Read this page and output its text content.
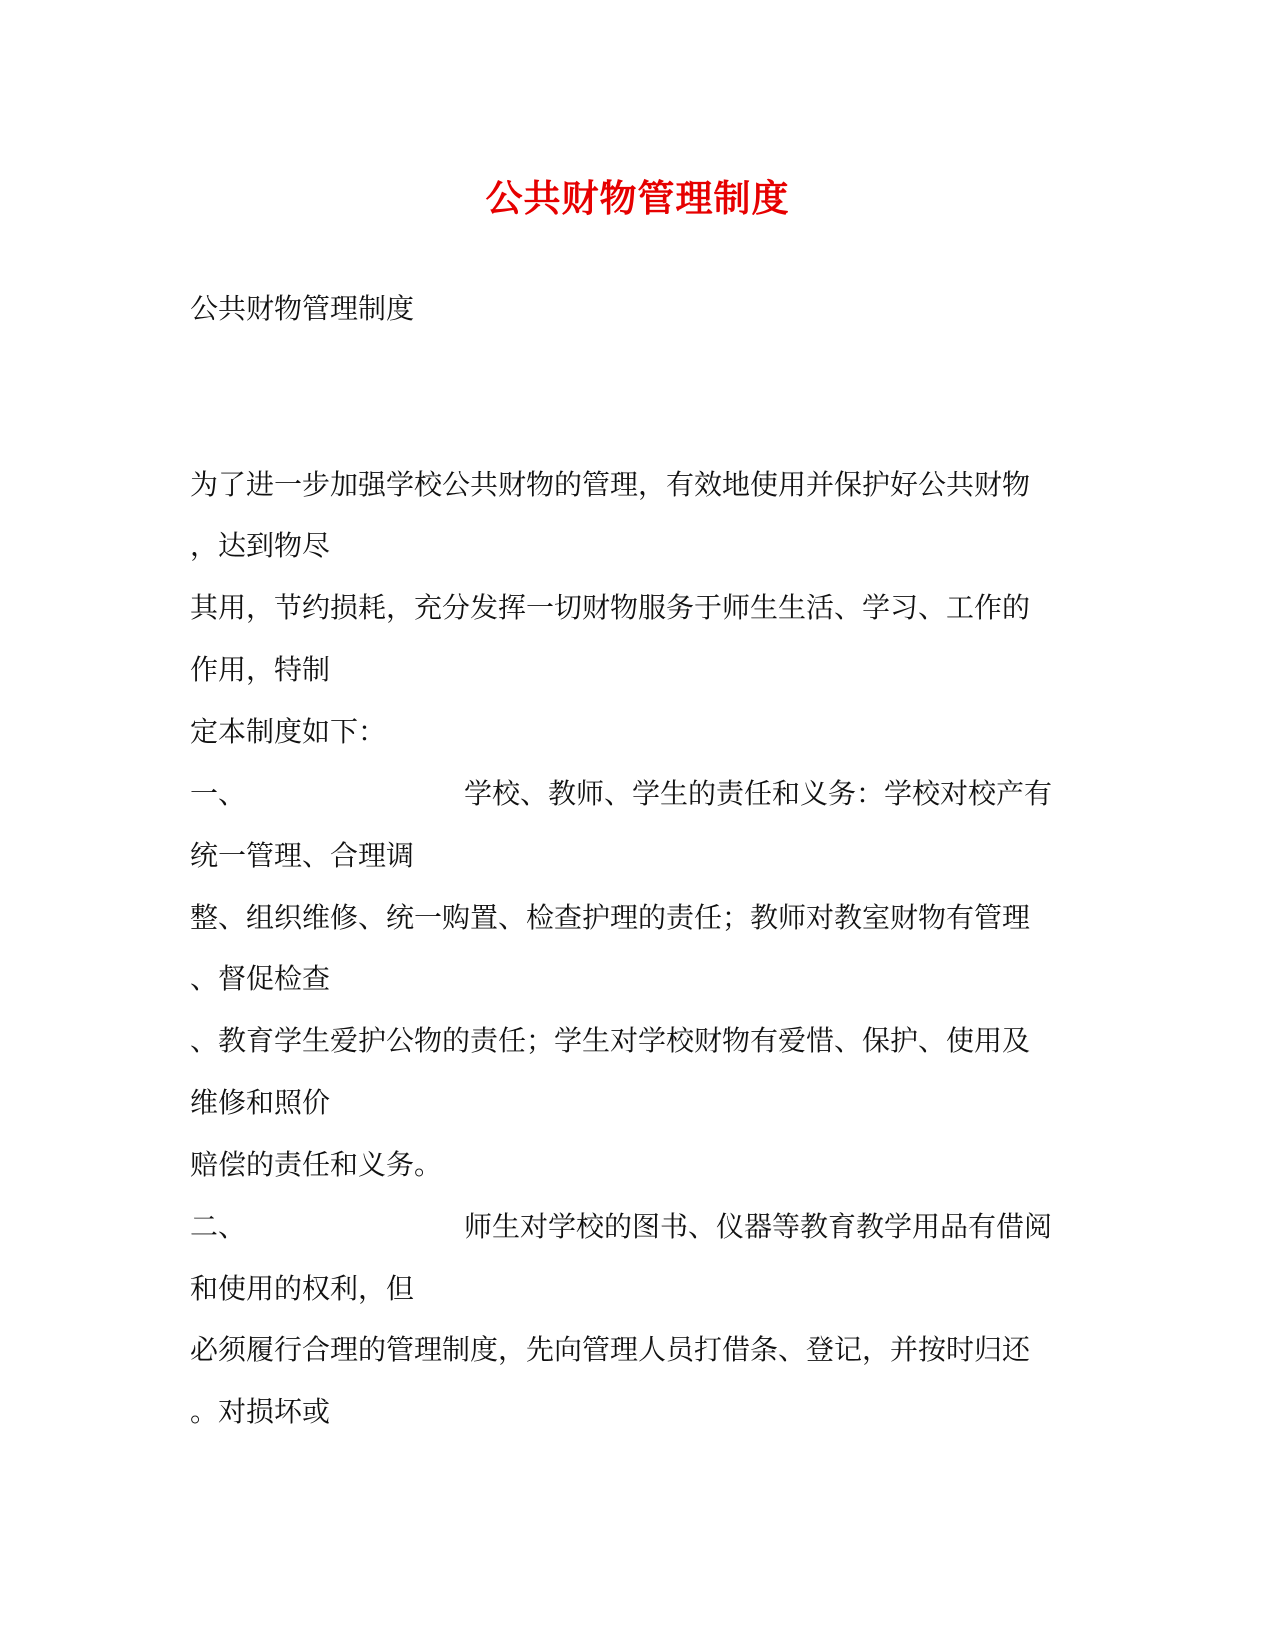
公共财物管理制度

公共财物管理制度

为了进一步加强学校公共财物的管理，有效地使用并保护好公共财物

，达到物尽

其用，节约损耗，充分发挥一切财物服务于师生生活、学习、工作的

作用，特制

定本制度如下：

一、	学校、教师、学生的责任和义务：学校对校产有

统一管理、合理调

整、组织维修、统一购置、检查护理的责任；教师对教室财物有管理

、督促检查

、教育学生爱护公物的责任；学生对学校财物有爱惜、保护、使用及

维修和照价

赔偿的责任和义务。

二、	师生对学校的图书、仪器等教育教学用品有借阅

和使用的权利，但

必须履行合理的管理制度，先向管理人员打借条、登记，并按时归还

。对损坏或
